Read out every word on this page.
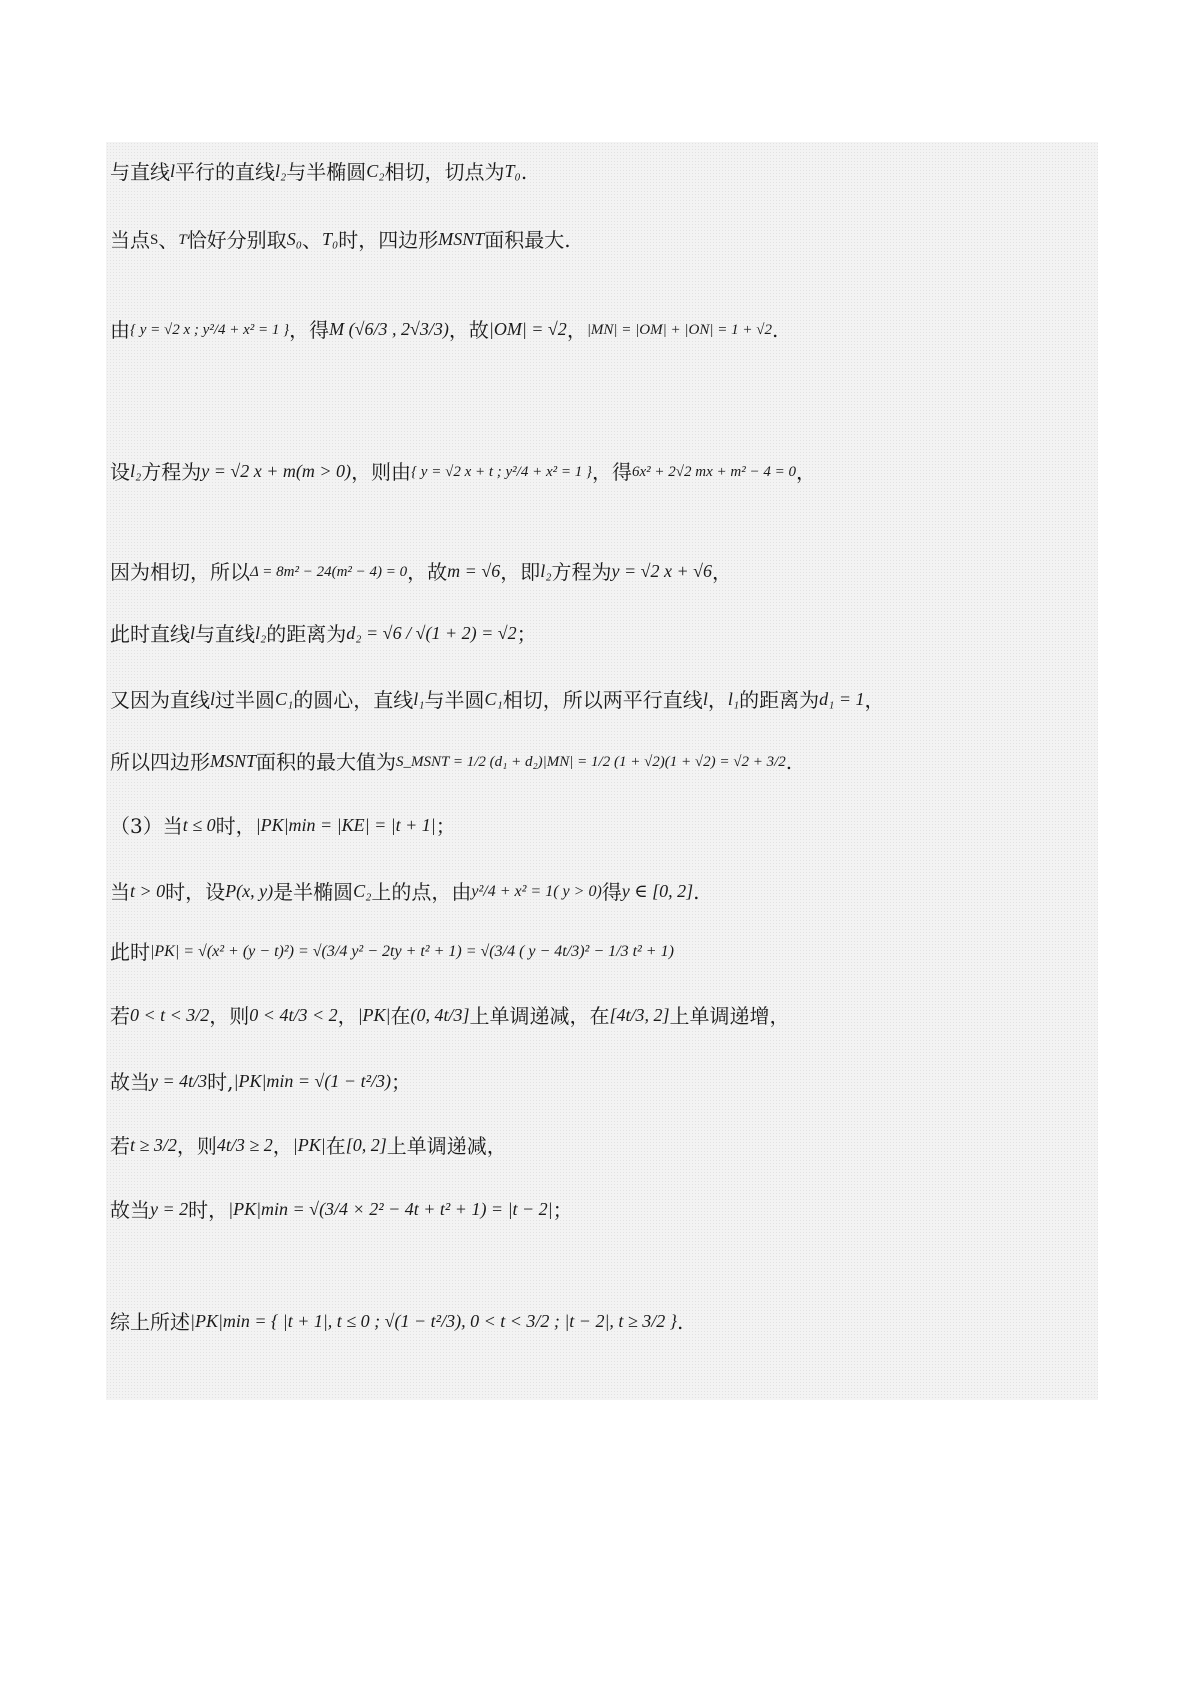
与直线 l 平行的直线 l₂ 与半椭圆 C₂ 相切，切点为 T₀ .
当点 S 、 T 恰好分别取 S₀ 、 T₀ 时，四边形 MSNT 面积最大.
由 { y = √2 x ; y²/4 + x² = 1 } ，得 M (√6/3 , 2√3/3) ，故 |OM| = √2 ， |MN| = |OM| + |ON| = 1 + √2 .
设 l₂ 方程为 y = √2 x + m(m > 0) ，则由 { y = √2 x + t ; y²/4 + x² = 1 } ，得 6x² + 2√2 mx + m² − 4 = 0 ，
因为相切，所以 Δ = 8m² − 24(m² − 4) = 0 ，故 m = √6 ，即 l₂ 方程为 y = √2 x + √6 ，
此时直线 l 与直线 l₂ 的距离为 d₂ = √6 / √(1 + 2) = √2 ；
又因为直线 l 过半圆 C₁ 的圆心，直线 l₁ 与半圆 C₁ 相切，所以两平行直线 l ， l₁ 的距离为 d₁ = 1 ，
所以四边形 MSNT 面积的最大值为 S_MSNT = 1/2 (d₁ + d₂)|MN| = 1/2 (1 + √2)(1 + √2) = √2 + 3/2 .
（3）当 t ≤ 0 时， |PK|min = |KE| = |t + 1| ；
当 t > 0 时，设 P(x, y) 是半椭圆 C₂ 上的点，由 y²/4 + x² = 1( y > 0) 得 y ∈ [0, 2] .
此时 |PK| = √(x² + (y − t)²) = √(3/4 y² − 2ty + t² + 1) = √(3/4 ( y − 4t/3)² − 1/3 t² + 1)
若 0 < t < 3/2 ，则 0 < 4t/3 < 2 ， |PK| 在 (0, 4t/3] 上单调递减，在 [4t/3, 2] 上单调递增，
故当 y = 4t/3 时, |PK|min = √(1 − t²/3) ；
若 t ≥ 3/2 ，则 4t/3 ≥ 2 ， |PK| 在 [0, 2] 上单调递减，
故当 y = 2 时， |PK|min = √(3/4 × 2² − 4t + t² + 1) = |t − 2| ；
综上所述 |PK|min = { |t + 1|, t ≤ 0 ; √(1 − t²/3), 0 < t < 3/2 ; |t − 2|, t ≥ 3/2 } .
